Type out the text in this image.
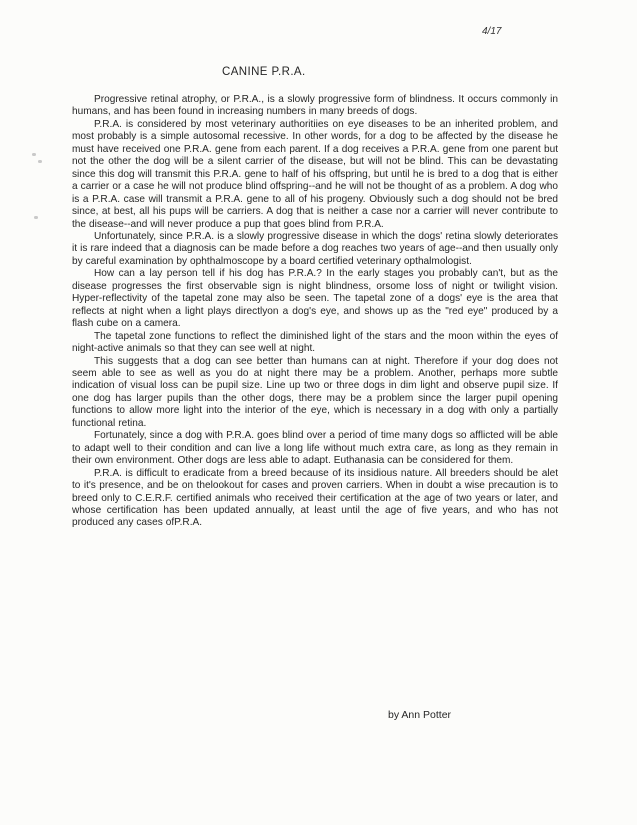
4/17
CANINE P.R.A.

Progressive retinal atrophy, or P.R.A., is a slowly progressive form of blindness. It occurs commonly in humans, and has been found in increasing numbers in many breeds of dogs.

P.R.A. is considered by most veterinary authoritiies on eye diseases to be an inherited problem, and most probably is a simple autosomal recessive. In other words, for a dog to be affected by the disease he must have received one P.R.A. gene from each parent. If a dog receives a P.R.A. gene from one parent but not the other the dog will be a silent carrier of the disease, but will not be blind. This can be devastating since this dog will transmit this P.R.A. gene to half of his offspring, but until he is bred to a dog that is either a carrier or a case he will not produce blind offspring--and he will not be thought of as a problem. A dog who is a P.R.A. case will transmit a P.R.A. gene to all of his progeny. Obviously such a dog should not be bred since, at best, all his pups will be carriers. A dog that is neither a case nor a carrier will never contribute to the disease--and will never produce a pup that goes blind from P.R.A.

Unfortunately, since P.R.A. is a slowly progressive disease in which the dogs' retina slowly deteriorates it is rare indeed that a diagnosis can be made before a dog reaches two years of age--and then usually only by careful examination by ophthalmoscope by a board certified veterinary opthalmologist.

How can a lay person tell if his dog has P.R.A.? In the early stages you probably can't, but as the disease progresses the first observable sign is night blindness, orsome loss of night or twilight vision. Hyper-reflectivity of the tapetal zone may also be seen. The tapetal zone of a dogs' eye is the area that reflects at night when a light plays directlyon a dog's eye, and shows up as the "red eye" produced by a flash cube on a camera.

The tapetal zone functions to reflect the diminished light of the stars and the moon within the eyes of night-active animals so that they can see well at night.

This suggests that a dog can see better than humans can at night. Therefore if your dog does not seem able to see as well as you do at night there may be a problem. Another, perhaps more subtle indication of visual loss can be pupil size. Line up two or three dogs in dim light and observe pupil size. If one dog has larger pupils than the other dogs, there may be a problem since the larger pupil opening functions to allow more light into the interior of the eye, which is necessary in a dog with only a partially functional retina.

Fortunately, since a dog with P.R.A. goes blind over a period of time many dogs so afflicted will be able to adapt well to their condition and can live a long life without much extra care, as long as they remain in their own environment. Other dogs are less able to adapt. Euthanasia can be considered for them.

P.R.A. is difficult to eradicate from a breed because of its insidious nature. All breeders should be alet to it's presence, and be on thelookout for cases and proven carriers. When in doubt a wise precaution is to breed only to C.E.R.F. certified animals who received their certification at the age of two years or later, and whose certification has been updated annually, at least until the age of five years, and who has not produced any cases ofP.R.A.

by Ann Potter
